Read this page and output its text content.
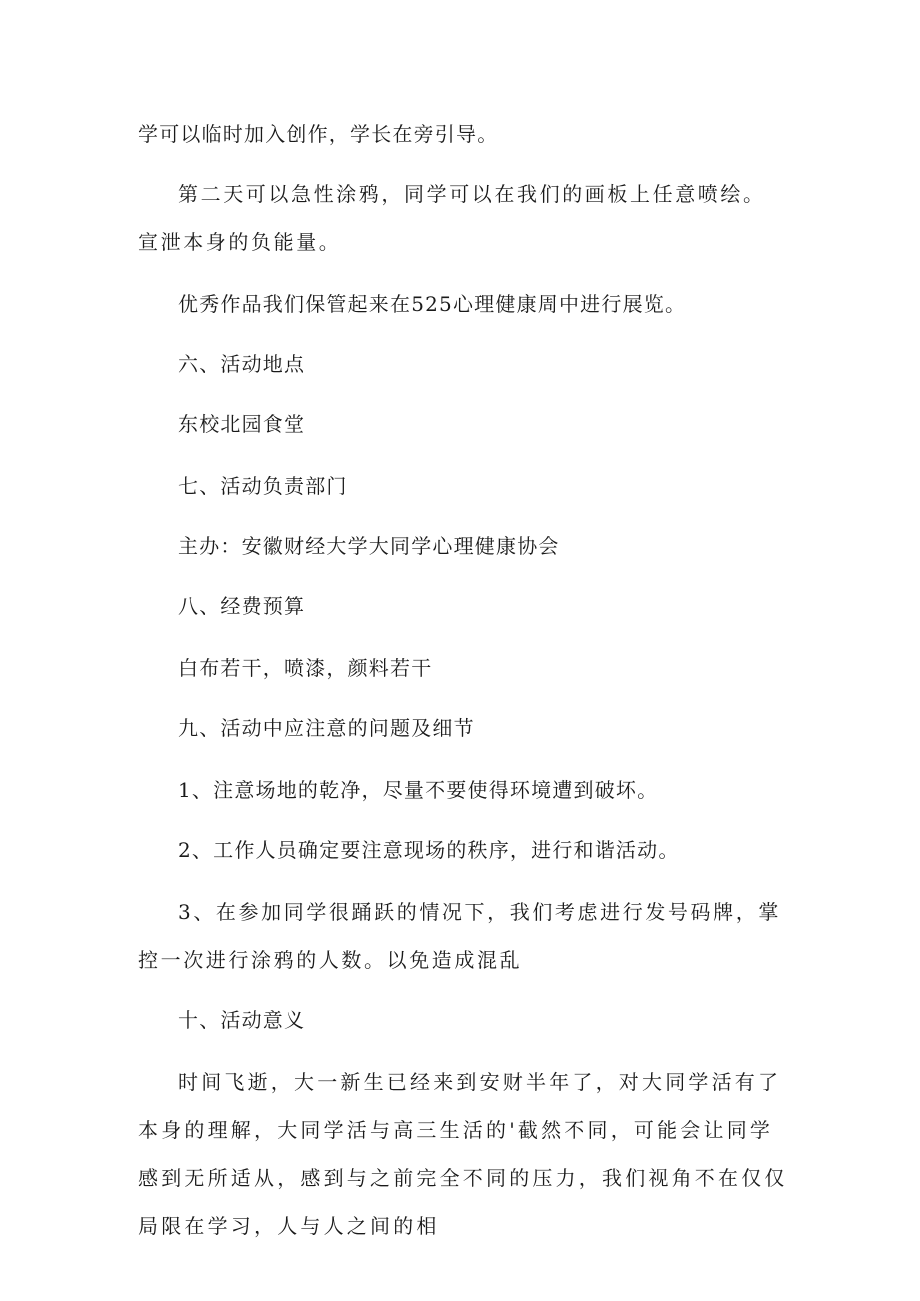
学可以临时加入创作，学长在旁引导。

第二天可以急性涂鸦，同学可以在我们的画板上任意喷绘。宣泄本身的负能量。

优秀作品我们保管起来在525心理健康周中进行展览。

六、活动地点

东校北园食堂

七、活动负责部门

主办：安徽财经大学大同学心理健康协会

八、经费预算

白布若干，喷漆，颜料若干

九、活动中应注意的问题及细节

1、注意场地的乾净，尽量不要使得环境遭到破坏。

2、工作人员确定要注意现场的秩序，进行和谐活动。

3、在参加同学很踊跃的情况下，我们考虑进行发号码牌，掌控一次进行涂鸦的人数。以免造成混乱

十、活动意义

时间飞逝，大一新生已经来到安财半年了，对大同学活有了本身的理解，大同学活与高三生活的'截然不同，可能会让同学感到无所适从，感到与之前完全不同的压力，我们视角不在仅仅局限在学习，人与人之间的相
